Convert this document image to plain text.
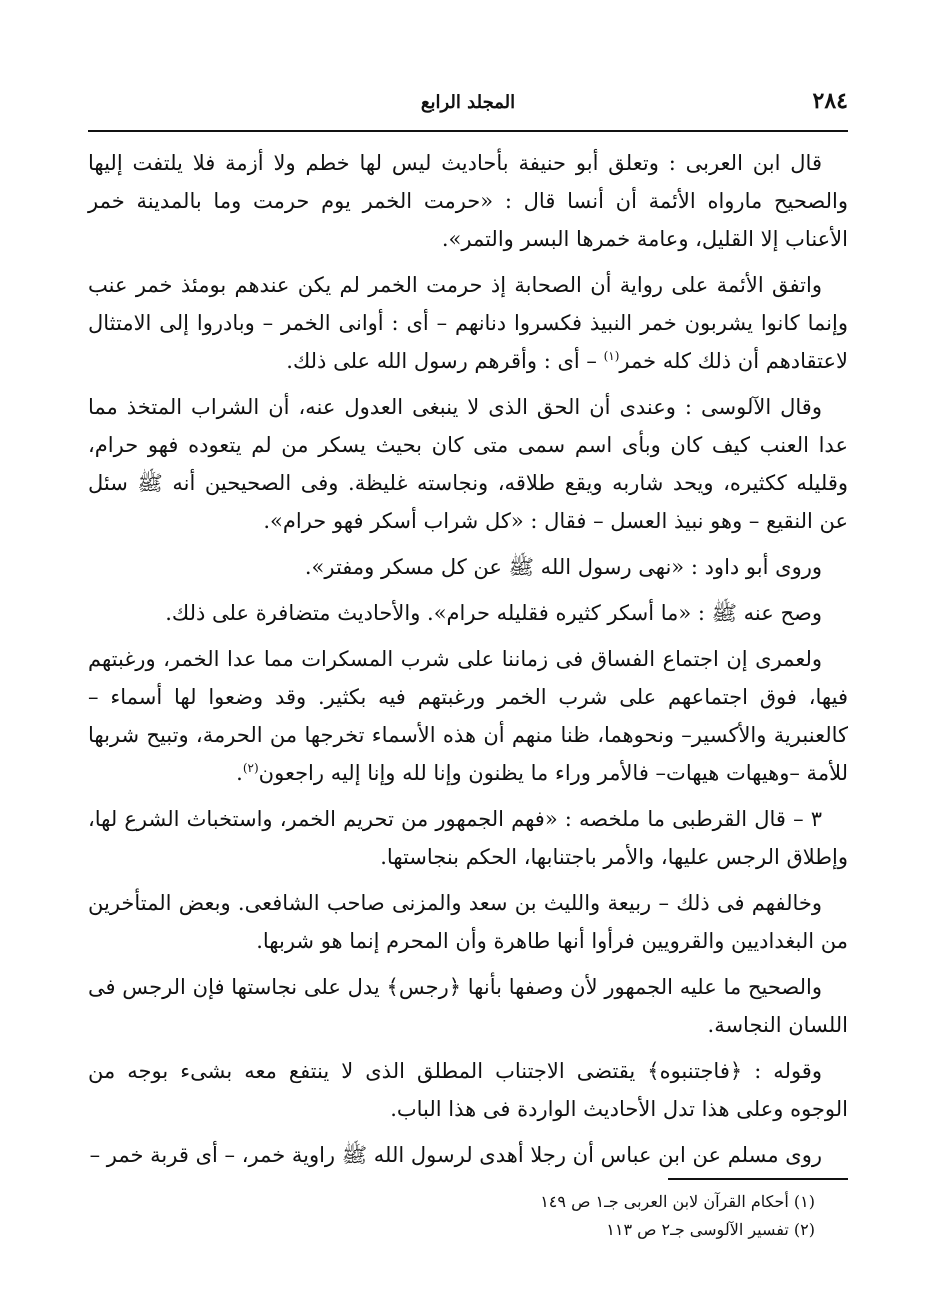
٢٨٤
المجلد الرابع

قال ابن العربى : وتعلق أبو حنيفة بأحاديث ليس لها خطم ولا أزمة فلا يلتفت إليها والصحيح مارواه الأئمة أن أنسا قال : «حرمت الخمر يوم حرمت وما بالمدينة خمر الأعناب إلا القليل، وعامة خمرها البسر والتمر».

واتفق الأئمة على رواية أن الصحابة إذ حرمت الخمر لم يكن عندهم بومئذ خمر عنب وإنما كانوا يشربون خمر النبيذ فكسروا دنانهم – أى : أوانى الخمر – وبادروا إلى الامتثال لاعتقادهم أن ذلك كله خمر$^{(١)}$ – أى : وأقرهم رسول الله على ذلك.

وقال الآلوسى : وعندى أن الحق الذى لا ينبغى العدول عنه، أن الشراب المتخذ مما عدا العنب كيف كان وبأى اسم سمى متى كان بحيث يسكر من لم يتعوده فهو حرام، وقليله ككثيره، ويحد شاربه ويقع طلاقه، ونجاسته غليظة. وفى الصحيحين أنه ﷺ سئل عن النقيع – وهو نبيذ العسل – فقال : «كل شراب أسكر فهو حرام».

وروى أبو داود : «نهى رسول الله ﷺ عن كل مسكر ومفتر».

وصح عنه ﷺ : «ما أسكر كثيره فقليله حرام». والأحاديث متضافرة على ذلك.

ولعمرى إن اجتماع الفساق فى زماننا على شرب المسكرات مما عدا الخمر، ورغبتهم فيها، فوق اجتماعهم على شرب الخمر ورغبتهم فيه بكثير. وقد وضعوا لها أسماء – كالعنبرية والأكسير– ونحوهما، ظنا منهم أن هذه الأسماء تخرجها من الحرمة، وتبيح شربها للأمة –وهيهات هيهات– فالأمر وراء ما يظنون وإنا لله وإنا إليه راجعون$^{(٢)}$.

٣ – قال القرطبى ما ملخصه : «فهم الجمهور من تحريم الخمر، واستخباث الشرع لها، وإطلاق الرجس عليها، والأمر باجتنابها، الحكم بنجاستها.

وخالفهم فى ذلك – ربيعة والليث بن سعد والمزنى صاحب الشافعى. وبعض المتأخرين من البغداديين والقرويين فرأوا أنها طاهرة وأن المحرم إنما هو شربها.

والصحيح ما عليه الجمهور لأن وصفها بأنها ﴿رجس﴾ يدل على نجاستها فإن الرجس فى اللسان النجاسة.

وقوله : ﴿فاجتنبوه﴾ يقتضى الاجتناب المطلق الذى لا ينتفع معه بشىء بوجه من الوجوه وعلى هذا تدل الأحاديث الواردة فى هذا الباب.

روى مسلم عن ابن عباس أن رجلا أهدى لرسول الله ﷺ راوية خمر، – أى قربة خمر –

(١) أحكام القرآن لابن العربى جـ١ ص ١٤٩

(٢) تفسير الآلوسى جـ٢ ص ١١٣
